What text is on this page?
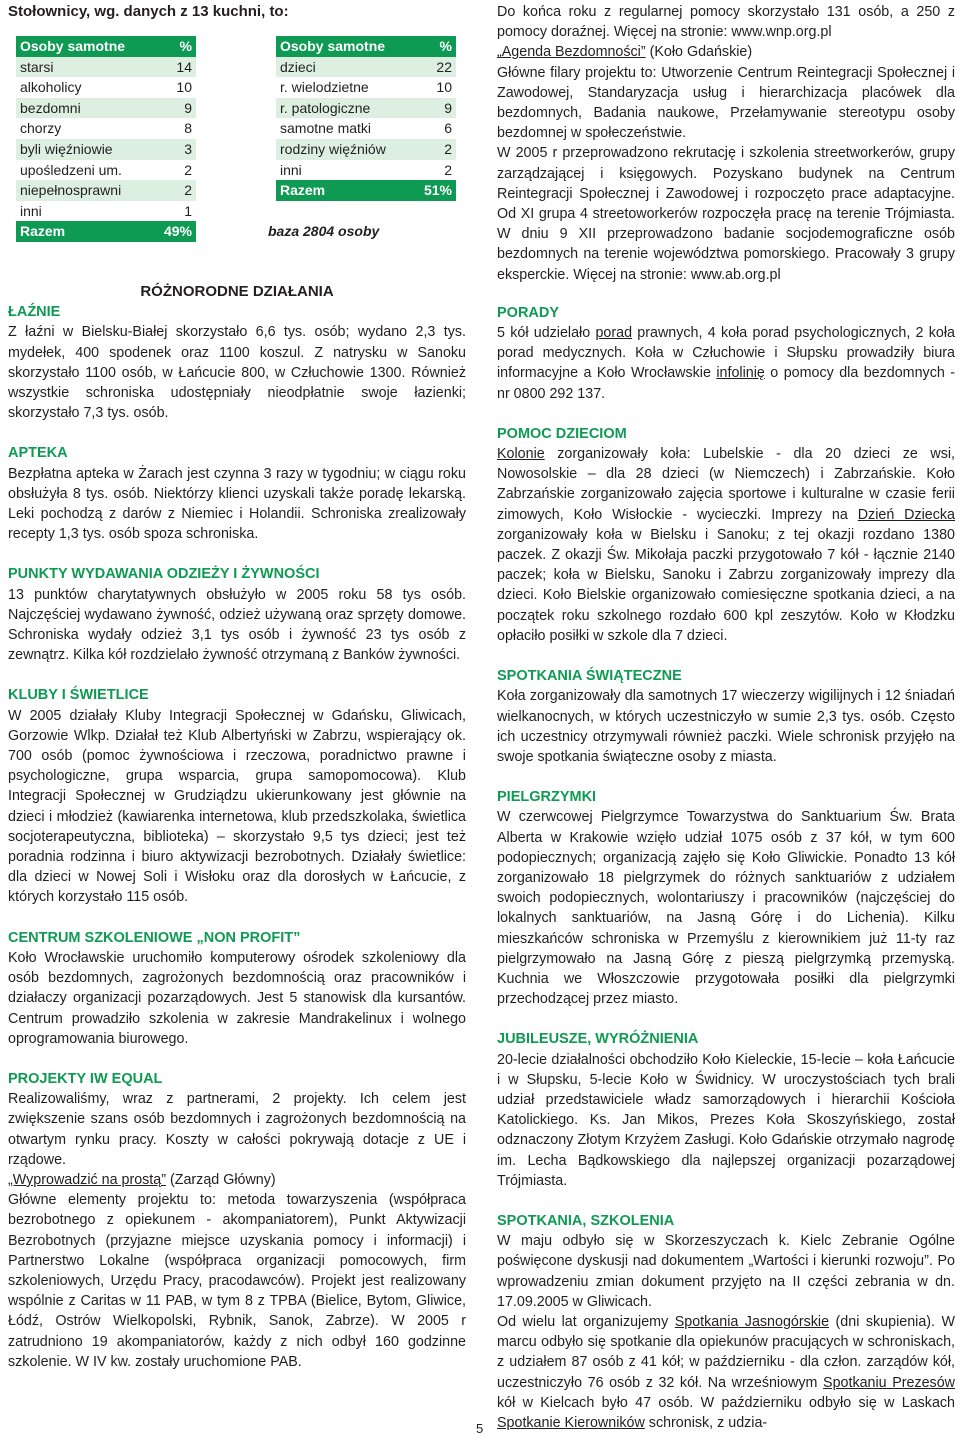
Stołownicy, wg. danych z 13 kuchni, to:

Osoby samotne	%
starsi	14
alkoholicy	10
bezdomni	9
chorzy	8
byli więźniowie	3
upośledzeni um.	2
niepełnosprawni	2
inni	1
Razem	49%
Osoby samotne	%
dzieci	22
r. wielodzietne	10
r. patologiczne	9
samotne matki	6
rodziny więźniów	2
inni	2
Razem	51%
baza 2804 osoby

RÓŻNORODNE DZIAŁANIA

ŁAŹNIE

Z łaźni w Bielsku-Białej skorzystało 6,6 tys. osób; wydano 2,3 tys. mydełek, 400 spodenek oraz 1100 koszul. Z natrysku w Sanoku skorzystało 1100 osób, w Łańcucie 800, w Człuchowie 1300. Również wszystkie schroniska udostępniały nieodpłatnie swoje łazienki; skorzystało 7,3 tys. osób.

APTEKA

Bezpłatna apteka w Żarach jest czynna 3 razy w tygodniu; w ciągu roku obsłużyła 8 tys. osób. Niektórzy klienci uzyskali także poradę lekarską. Leki pochodzą z darów z Niemiec i Holandii. Schroniska zrealizowały recepty 1,3 tys. osób spoza schroniska.

PUNKTY WYDAWANIA ODZIEŻY I ŻYWNOŚCI

13 punktów charytatywnych obsłużyło w 2005 roku 58 tys osób. Najczęściej wydawano żywność, odzież używaną oraz sprzęty domowe. Schroniska wydały odzież 3,1 tys osób i żywność 23 tys osób z zewnątrz. Kilka kół rozdzielało żywność otrzymaną z Banków żywności.

KLUBY I ŚWIETLICE

W 2005 działały Kluby Integracji Społecznej w Gdańsku, Gliwicach, Gorzowie Wlkp. Działał też Klub Albertyński w Zabrzu, wspierający ok. 700 osób (pomoc żywnościowa i rzeczowa, poradnictwo prawne i psychologiczne, grupa wsparcia, grupa samopomocowa). Klub Integracji Społecznej w Grudziądzu ukierunkowany jest głównie na dzieci i młodzież (kawiarenka internetowa, klub przedszkolaka, świetlica socjoterapeutyczna, biblioteka) – skorzystało 9,5 tys dzieci; jest też poradnia rodzinna i biuro aktywizacji bezrobotnych. Działały świetlice: dla dzieci w Nowej Soli i Wisłoku oraz dla dorosłych w Łańcucie, z których korzystało 115 osób.

CENTRUM SZKOLENIOWE „NON PROFIT”

Koło Wrocławskie uruchomiło komputerowy ośrodek szkoleniowy dla osób bezdomnych, zagrożonych bezdomnością oraz pracowników i działaczy organizacji pozarządowych. Jest 5 stanowisk dla kursantów. Centrum prowadziło szkolenia w zakresie Mandrakelinux i wolnego oprogramowania biurowego.

PROJEKTY IW EQUAL

Realizowaliśmy, wraz z partnerami, 2 projekty. Ich celem jest zwiększenie szans osób bezdomnych i zagrożonych bezdomnością na otwartym rynku pracy. Koszty w całości pokrywają dotacje z UE i rządowe.

„Wyprowadzić na prostą” (Zarząd Główny)

Główne elementy projektu to: metoda towarzyszenia (współpraca bezrobotnego z opiekunem - akompaniatorem), Punkt Aktywizacji Bezrobotnych (przyjazne miejsce uzyskania pomocy i informacji) i Partnerstwo Lokalne (współpraca organizacji pomocowych, firm szkoleniowych, Urzędu Pracy, pracodawców). Projekt jest realizowany wspólnie z Caritas w 11 PAB, w tym 8 z TPBA (Bielice, Bytom, Gliwice, Łódź, Ostrów Wielkopolski, Rybnik, Sanok, Zabrze). W 2005 r zatrudniono 19 akompaniatorów, każdy z nich odbył 160 godzinne szkolenie. W IV kw. zostały uruchomione PAB.

Do końca roku z regularnej pomocy skorzystało 131 osób, a 250 z pomocy doraźnej. Więcej na stronie: www.wnp.org.pl

„Agenda Bezdomności” (Koło Gdańskie)

Główne filary projektu to: Utworzenie Centrum Reintegracji Społecznej i Zawodowej, Standaryzacja usług i hierarchizacja placówek dla bezdomnych, Badania naukowe, Przełamywanie stereotypu osoby bezdomnej w społeczeństwie.

W 2005 r przeprowadzono rekrutację i szkolenia streetworkerów, grupy zarządzającej i księgowych. Pozyskano budynek na Centrum Reintegracji Społecznej i Zawodowej i rozpoczęto prace adaptacyjne. Od XI grupa 4 streetoworkerów rozpoczęła pracę na terenie Trójmiasta. W dniu 9 XII przeprowadzono badanie socjodemograficzne osób bezdomnych na terenie województwa pomorskiego. Pracowały 3 grupy eksperckie. Więcej na stronie: www.ab.org.pl

PORADY

5 kół udzielało porad prawnych, 4 koła porad psychologicznych, 2 koła porad medycznych. Koła w Człuchowie i Słupsku prowadziły biura informacyjne a Koło Wrocławskie infolinię o pomocy dla bezdomnych - nr 0800 292 137.

POMOC DZIECIOM

Kolonie zorganizowały koła: Lubelskie - dla 20 dzieci ze wsi, Nowosolskie – dla 28 dzieci (w Niemczech) i Zabrzańskie. Koło Zabrzańskie zorganizowało zajęcia sportowe i kulturalne w czasie ferii zimowych, Koło Wisłockie - wycieczki. Imprezy na Dzień Dziecka zorganizowały koła w Bielsku i Sanoku; z tej okazji rozdano 1380 paczek. Z okazji Św. Mikołaja paczki przygotowało 7 kół - łącznie 2140 paczek; koła w Bielsku, Sanoku i Zabrzu zorganizowały imprezy dla dzieci. Koło Bielskie organizowało comiesięczne spotkania dzieci, a na początek roku szkolnego rozdało 600 kpl zeszytów. Koło w Kłodzku opłaciło posiłki w szkole dla 7 dzieci.

SPOTKANIA ŚWIĄTECZNE

Koła zorganizowały dla samotnych 17 wieczerzy wigilijnych i 12 śniadań wielkanocnych, w których uczestniczyło w sumie 2,3 tys. osób. Często ich uczestnicy otrzymywali również paczki. Wiele schronisk przyjęło na swoje spotkania świąteczne osoby z miasta.

PIELGRZYMKI

W czerwcowej Pielgrzymce Towarzystwa do Sanktuarium Św. Brata Alberta w Krakowie wzięło udział 1075 osób z 37 kół, w tym 600 podopiecznych; organizacją zajęło się Koło Gliwickie. Ponadto 13 kół zorganizowało 18 pielgrzymek do różnych sanktuariów z udziałem swoich podopiecznych, wolontariuszy i pracowników (najczęściej do lokalnych sanktuariów, na Jasną Górę i do Lichenia). Kilku mieszkańców schroniska w Przemyślu z kierownikiem już 11-ty raz pielgrzymowało na Jasną Górę z pieszą pielgrzymką przemyską. Kuchnia we Włoszczowie przygotowała posiłki dla pielgrzymki przechodzącej przez miasto.

JUBILEUSZE, WYRÓŻNIENIA

20-lecie działalności obchodziło Koło Kieleckie, 15-lecie – koła Łańcucie i w Słupsku, 5-lecie Koło w Świdnicy. W uroczystościach tych brali udział przedstawiciele władz samorządowych i hierarchii Kościoła Katolickiego. Ks. Jan Mikos, Prezes Koła Skoszyńskiego, został odznaczony Złotym Krzyżem Zasługi. Koło Gdańskie otrzymało nagrodę im. Lecha Bądkowskiego dla najlepszej organizacji pozarządowej Trójmiasta.

SPOTKANIA, SZKOLENIA

W maju odbyło się w Skorzeszyczach k. Kielc Zebranie Ogólne poświęcone dyskusji nad dokumentem „Wartości i kierunki rozwoju”. Po wprowadzeniu zmian dokument przyjęto na II części zebrania w dn. 17.09.2005 w Gliwicach.

Od wielu lat organizujemy Spotkania Jasnogórskie (dni skupienia). W marcu odbyło się spotkanie dla opiekunów pracujących w schroniskach, z udziałem 87 osób z 41 kół; w październiku - dla człon. zarządów kół, uczestniczyło 76 osób z 32 kół. Na wrześniowym Spotkaniu Prezesów kół w Kielcach było 47 osób. W październiku odbyło się w Laskach Spotkanie Kierowników schronisk, z udzia-

5
